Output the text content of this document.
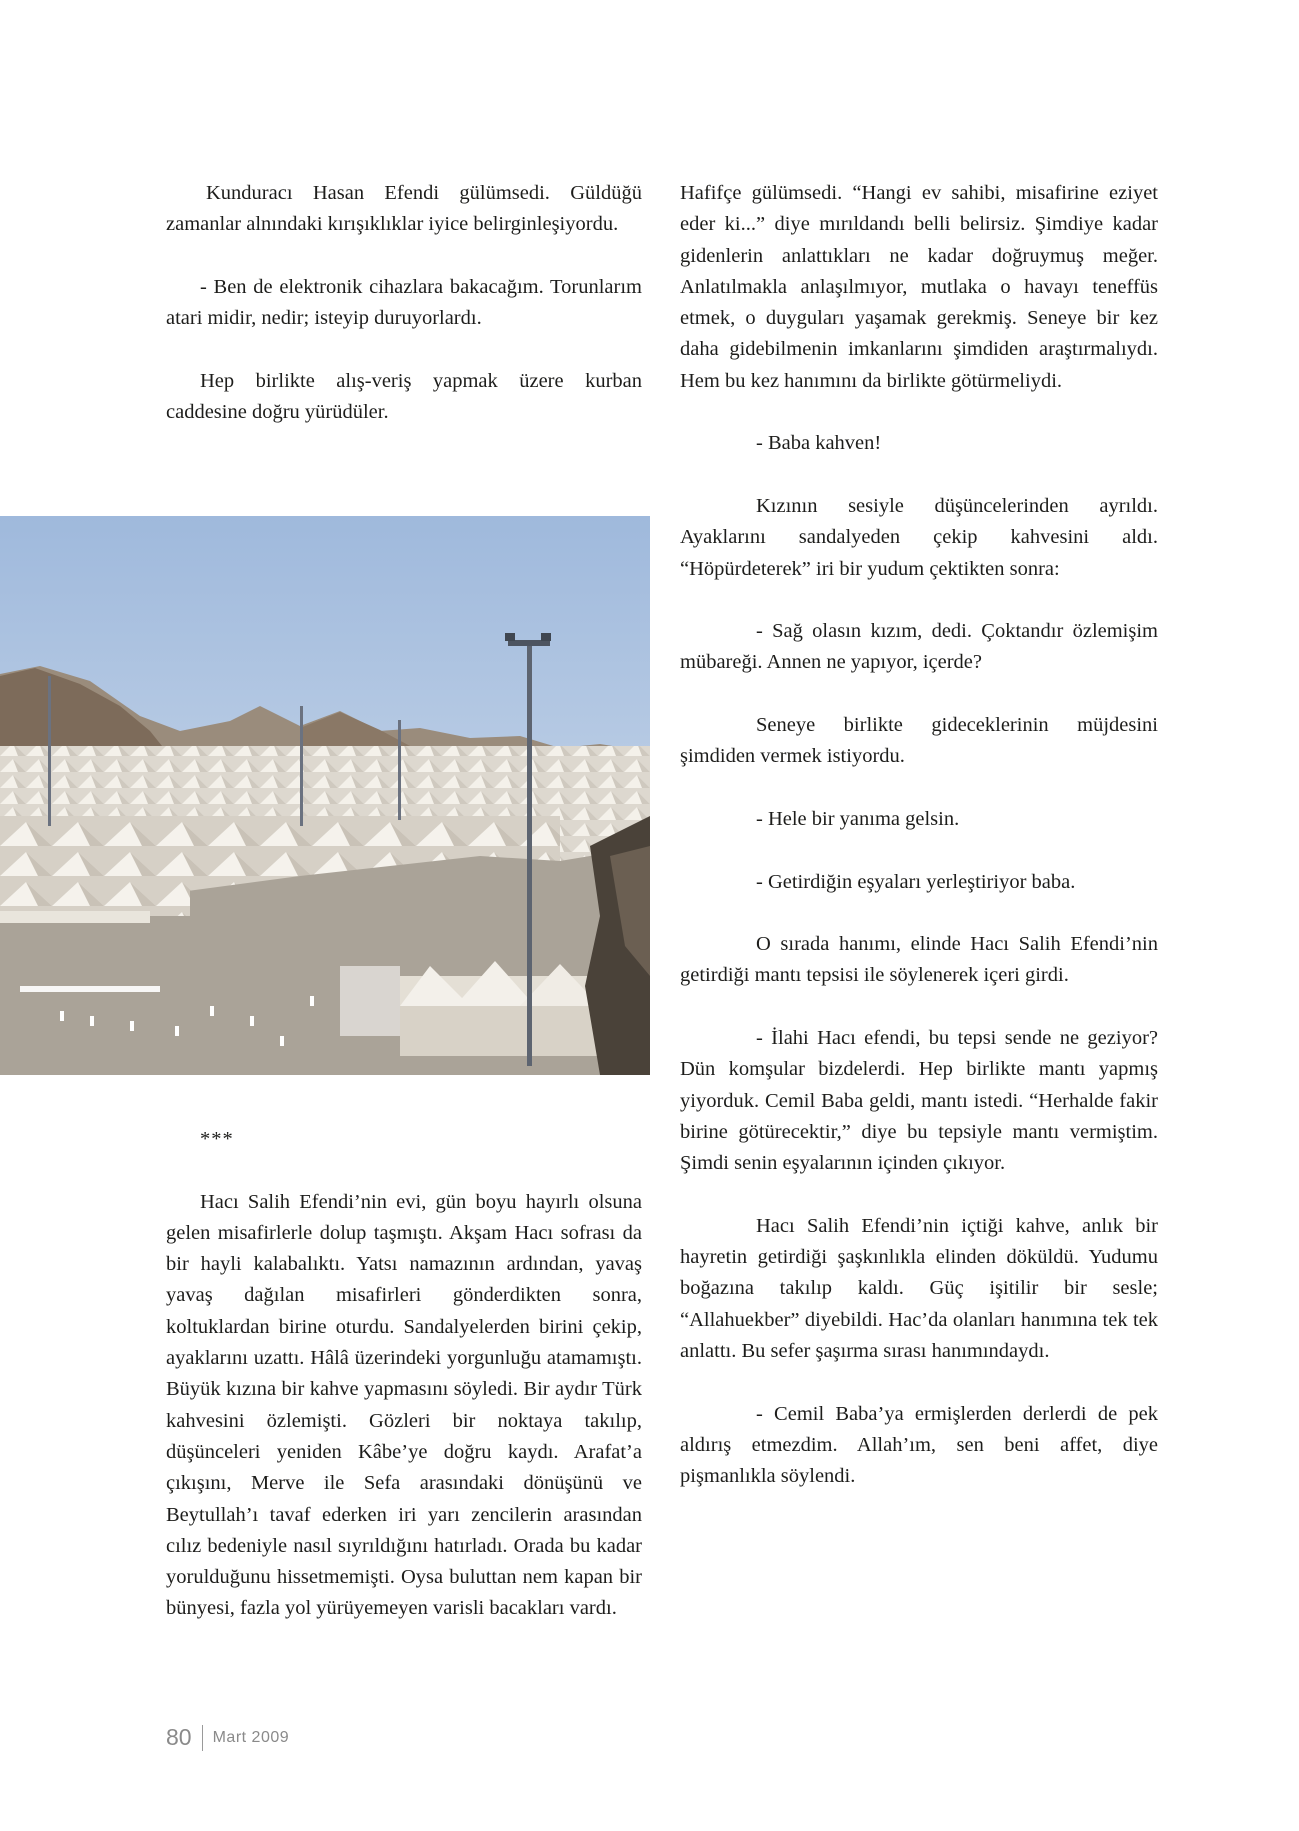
Kunduracı Hasan Efendi gülümsedi. Güldüğü zamanlar alnındaki kırışıklıklar iyice belirginleşiyordu.

- Ben de elektronik cihazlara bakacağım. Torunlarım atari midir, nedir; isteyip duruyorlardı.

Hep birlikte alış-veriş yapmak üzere kurban caddesine doğru yürüdüler.

***

Hacı Salih Efendi’nin evi, gün boyu hayırlı olsuna gelen misafirlerle dolup taşmıştı. Akşam Hacı sofrası da bir hayli kalabalıktı. Yatsı namazının ardından, yavaş yavaş dağılan misafirleri gönderdikten sonra, koltuklardan birine oturdu. Sandalyelerden birini çekip, ayaklarını uzattı. Hâlâ üzerindeki yorgunluğu atamamıştı. Büyük kızına bir kahve yapmasını söyledi. Bir aydır Türk kahvesini özlemişti. Gözleri bir noktaya takılıp, düşünceleri yeniden Kâbe’ye doğru kaydı. Arafat’a çıkışını, Merve ile Sefa arasındaki dönüşünü ve Beytullah’ı tavaf ederken iri yarı zencilerin arasından cılız bedeniyle nasıl sıyrıldığını hatırladı. Orada bu kadar yorulduğunu hissetmemişti. Oysa buluttan nem kapan bir bünyesi, fazla yol yürüyemeyen varisli bacakları vardı.

Hafifçe gülümsedi. “Hangi ev sahibi, misafirine eziyet eder ki...” diye mırıldandı belli belirsiz. Şimdiye kadar gidenlerin anlattıkları ne kadar doğruymuş meğer. Anlatılmakla anlaşılmıyor, mutlaka o havayı teneffüs etmek, o duyguları yaşamak gerekmiş. Seneye bir kez daha gidebilmenin imkanlarını şimdiden araştırmalıydı. Hem bu kez hanımını da birlikte götürmeliydi.

- Baba kahven!

Kızının sesiyle düşüncelerinden ayrıldı. Ayaklarını sandalyeden çekip kahvesini aldı. “Höpürdeterek” iri bir yudum çektikten sonra:

- Sağ olasın kızım, dedi. Çoktandır özlemişim mübareği. Annen ne yapıyor, içerde?

Seneye birlikte gideceklerinin müjdesini şimdiden vermek istiyordu.

- Hele bir yanıma gelsin.

- Getirdiğin eşyaları yerleştiriyor baba.

O sırada hanımı, elinde Hacı Salih Efendi’nin getirdiği mantı tepsisi ile söylenerek içeri girdi.

- İlahi Hacı efendi, bu tepsi sende ne geziyor? Dün komşular bizdelerdi. Hep birlikte mantı yapmış yiyorduk. Cemil Baba geldi, mantı istedi. “Herhalde fakir birine götürecektir,” diye bu tepsiyle mantı vermiştim. Şimdi senin eşyalarının içinden çıkıyor.

Hacı Salih Efendi’nin içtiği kahve, anlık bir hayretin getirdiği şaşkınlıkla elinden döküldü. Yudumu boğazına takılıp kaldı. Güç işitilir bir sesle; “Allahuekber” diyebildi. Hac’da olanları hanımına tek tek anlattı. Bu sefer şaşırma sırası hanımındaydı.

- Cemil Baba’ya ermişlerden derlerdi de pek aldırış etmezdim. Allah’ım, sen beni affet, diye pişmanlıkla söylendi.

80 Mart 2009
